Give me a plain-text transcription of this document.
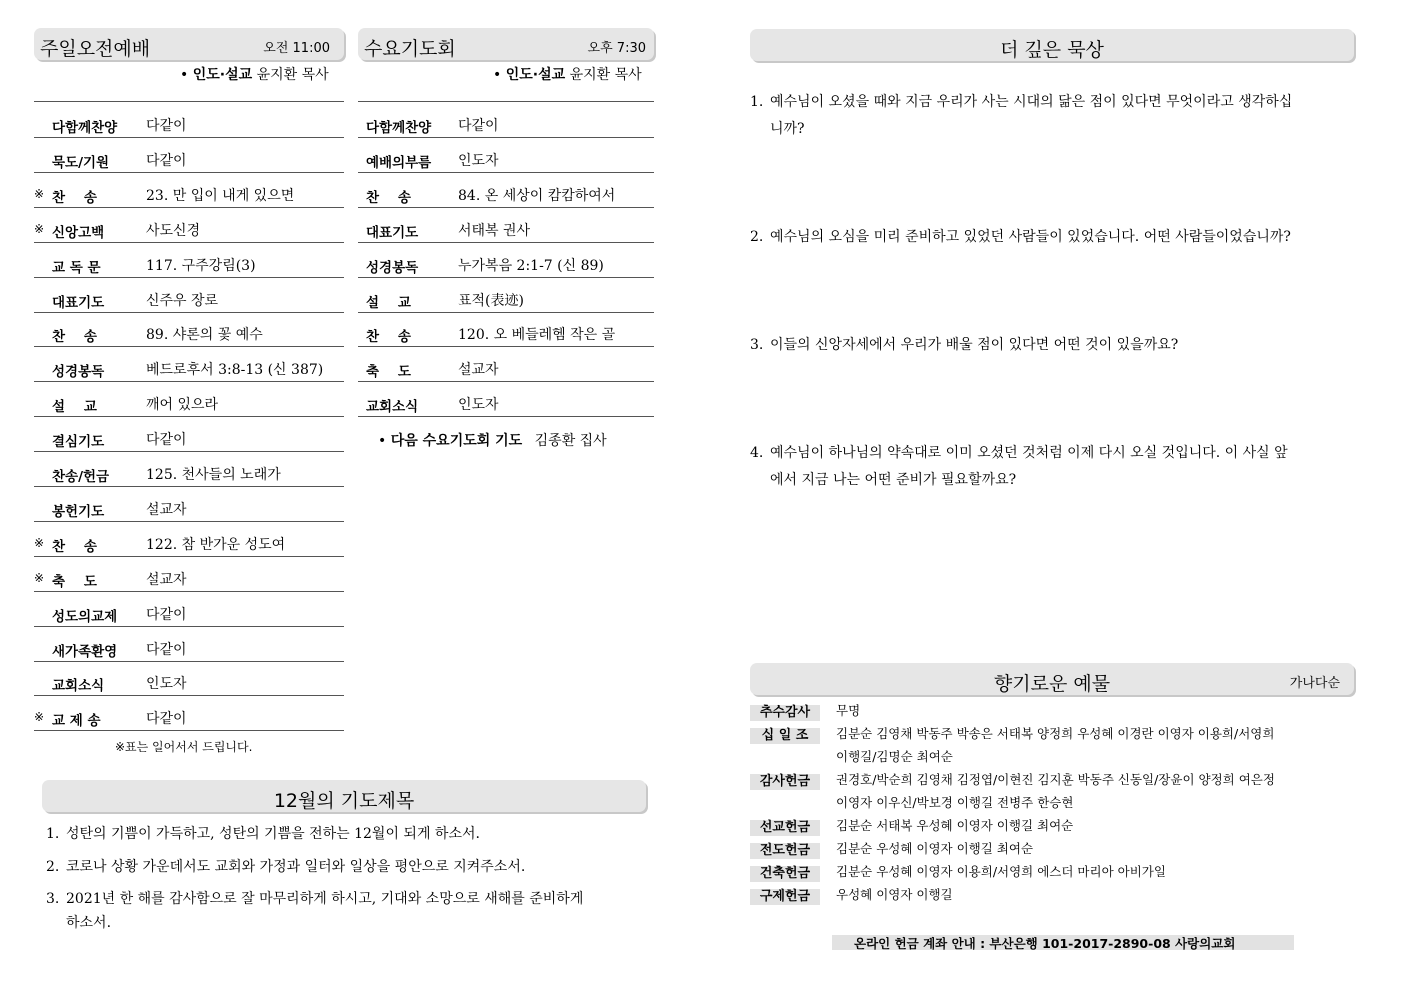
주일오전예배	오전 11:00
• 인도·설교 윤지환 목사
다함께찬양 다같이
묵도/기원	다같이
※ 찬    송	23. 만 입이 내게 있으면
※ 신앙고백	사도신경
교 독 문	117. 구주강림(3)
대표기도	신주우 장로
찬    송	89. 샤론의 꽃 예수
성경봉독	베드로후서 3:8-13 (신 387)
설    교	깨어 있으라
결심기도	다같이
찬송/헌금	125. 천사들의 노래가
봉헌기도	설교자
※ 찬    송	122. 참 반가운 성도여
※ 축    도	설교자
성도의교제 다같이
새가족환영 다같이
교회소식	인도자
※ 교 제 송	다같이
※표는 일어서서 드립니다.
수요기도회	오후 7:30
• 인도·설교 윤지환 목사
다함께찬양 다같이
예배의부름 인도자
찬    송	84. 온 세상이 캄캄하여서
대표기도	서태복 권사
성경봉독	누가복음 2:1-7 (신 89)
설    교	표적(表迹)
찬    송	120. 오 베들레헴 작은 골
축    도	설교자
교회소식	인도자
• 다음 수요기도회 기도 김종환 집사
12월의 기도제목
1. 성탄의 기쁨이 가득하고, 성탄의 기쁨을 전하는 12월이 되게 하소서.
2. 코로나 상황 가운데서도 교회와 가정과 일터와 일상을 평안으로 지켜주소서.
3. 2021년 한 해를 감사함으로 잘 마무리하게 하시고, 기대와 소망으로 새해를 준비하게
하소서.
더 깊은 묵상
1. 예수님이 오셨을 때와 지금 우리가 사는 시대의 닮은 점이 있다면 무엇이라고 생각하십
니까?
2. 예수님의 오심을 미리 준비하고 있었던 사람들이 있었습니다. 어떤 사람들이었습니까?
3. 이들의 신앙자세에서 우리가 배울 점이 있다면 어떤 것이 있을까요?
4. 예수님이 하나님의 약속대로 이미 오셨던 것처럼 이제 다시 오실 것입니다. 이 사실 앞
에서 지금 나는 어떤 준비가 필요할까요?
향기로운 예물	가나다순
추수감사	무명
십 일 조	김분순 김영채 박동주 박송은 서태복 양정희 우성혜 이경란 이영자 이용희/서영희
이행길/김명순 최여순
감사헌금	권경호/박순희 김영채 김정엽/이현진 김지훈 박동주 신동일/장윤이 양정희 여은정
이영자 이우신/박보경 이행길 전병주 한승현
선교헌금	김분순 서태복 우성혜 이영자 이행길 최여순
전도헌금	김분순 우성혜 이영자 이행길 최여순
건축헌금	김분순 우성혜 이영자 이용희/서영희 에스더 마리아 아비가일
구제헌금	우성혜 이영자 이행길
온라인 헌금 계좌 안내 : 부산은행 101-2017-2890-08 사랑의교회
